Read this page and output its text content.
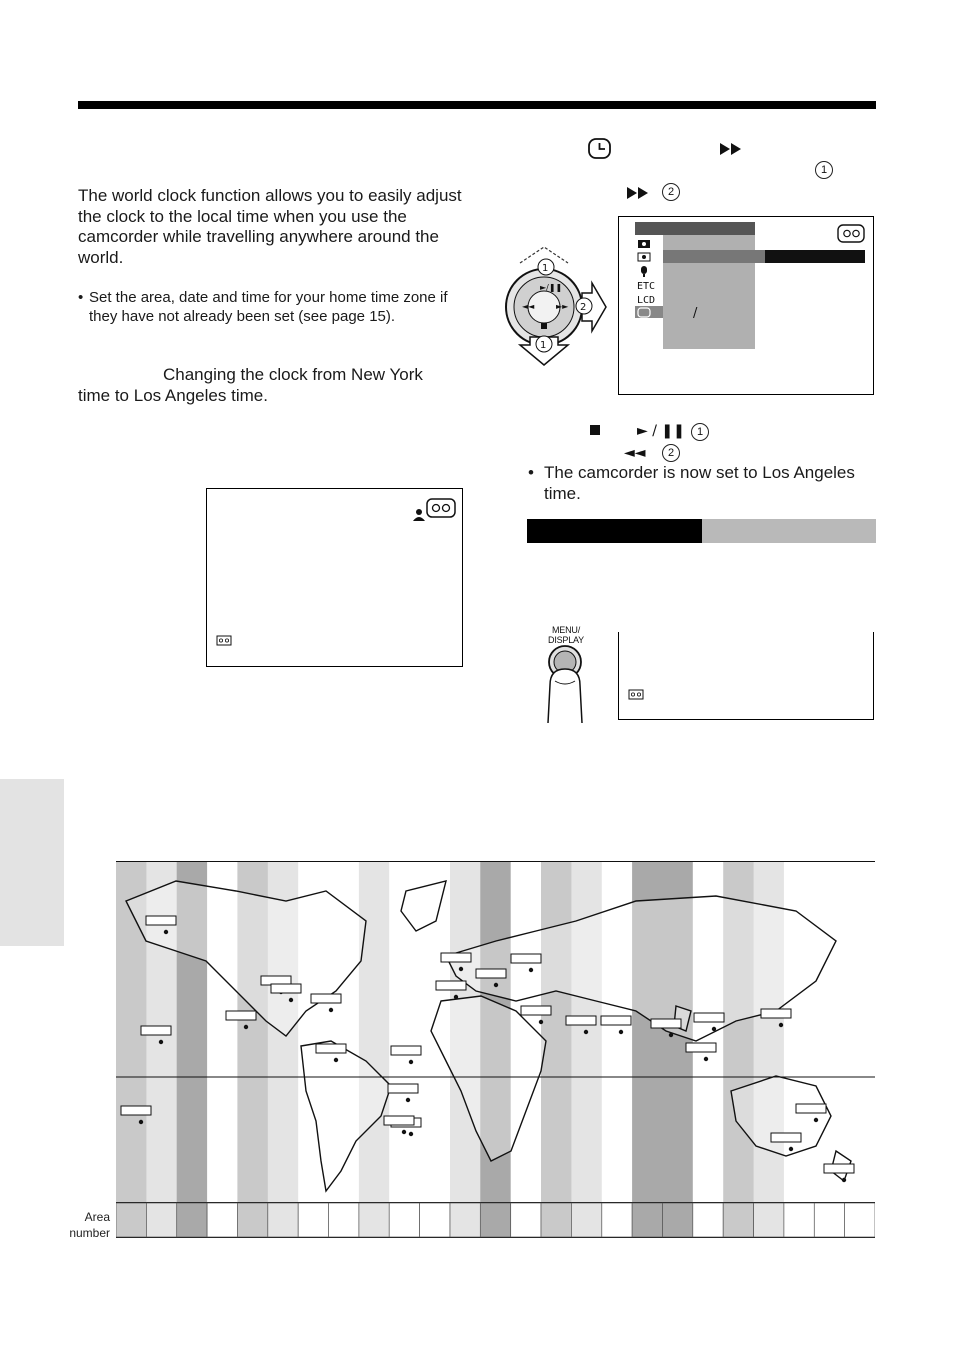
The world clock function allows you to easily adjust the clock to the local time when you use the camcorder while travelling anywhere around the world.
• Set the area, date and time for your home time zone if they have not already been set (see page 15).
Changing the clock from New York time to Los Angeles time.
1
2
►/❚❚
◄◄	►►
1
2
1
ETC
LCD
/
► / ❚❚	1
◄◄	2
• The camcorder is now set to Los Angeles time.
MENU/ DISPLAY
Area number
